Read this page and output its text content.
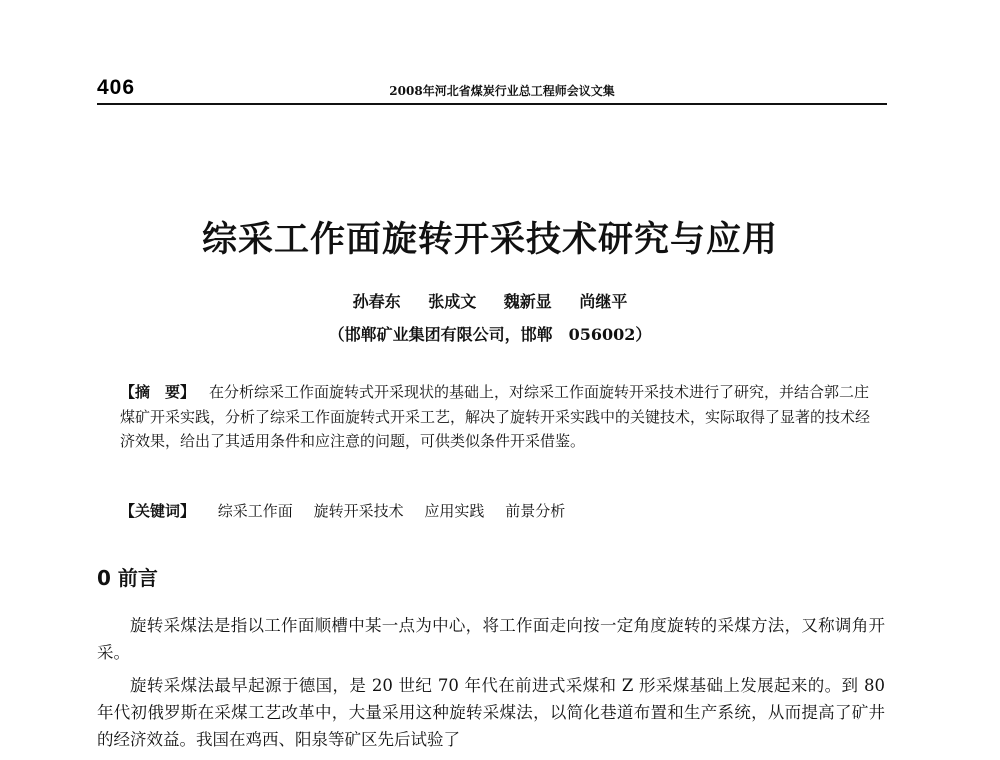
406	2008年河北省煤炭行业总工程师会议文集
综采工作面旋转开采技术研究与应用
孙春东 张成文 魏新显 尚继平
（邯郸矿业集团有限公司，邯郸　056002）
【摘　要】 在分析综采工作面旋转式开采现状的基础上，对综采工作面旋转开采技术进行了研究，并结合郭二庄煤矿开采实践，分析了综采工作面旋转式开采工艺，解决了旋转开采实践中的关键技术，实际取得了显著的技术经济效果，给出了其适用条件和应注意的问题，可供类似条件开采借鉴。
【关键词】 综采工作面 旋转开采技术 应用实践 前景分析
0 前言

旋转采煤法是指以工作面顺槽中某一点为中心，将工作面走向按一定角度旋转的采煤方法，又称调角开采。

旋转采煤法最早起源于德国，是 20 世纪 70 年代在前进式采煤和 Z 形采煤基础上发展起来的。到 80 年代初俄罗斯在采煤工艺改革中，大量采用这种旋转采煤法，以简化巷道布置和生产系统，从而提高了矿井的经济效益。我国在鸡西、阳泉等矿区先后试验了
